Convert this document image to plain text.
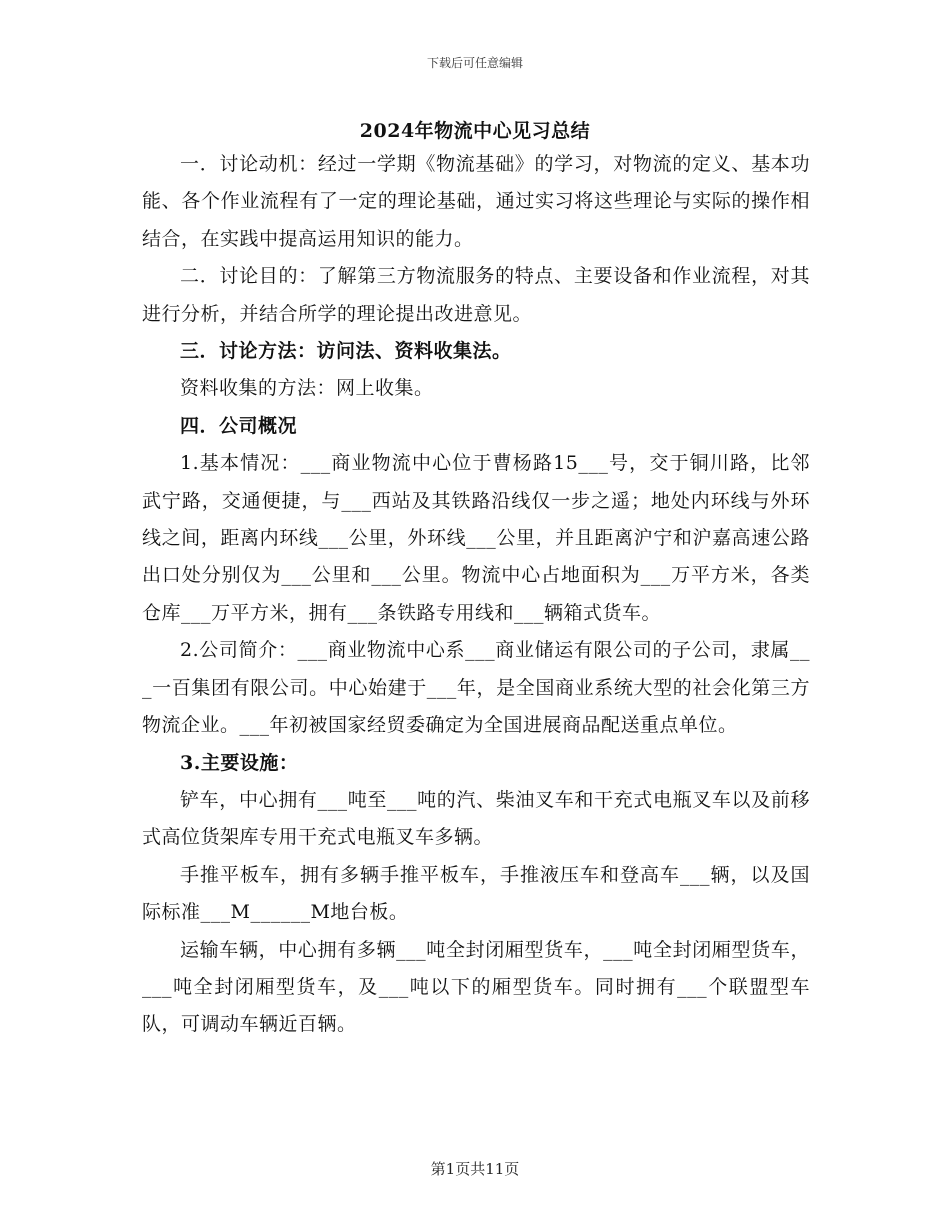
下载后可任意编辑
2024年物流中心见习总结

一．讨论动机：经过一学期《物流基础》的学习，对物流的定义、基本功能、各个作业流程有了一定的理论基础，通过实习将这些理论与实际的操作相结合，在实践中提高运用知识的能力。

二．讨论目的：了解第三方物流服务的特点、主要设备和作业流程，对其进行分析，并结合所学的理论提出改进意见。

三．讨论方法：访问法、资料收集法。

资料收集的方法：网上收集。

四．公司概况

1.基本情况：___商业物流中心位于曹杨路15___号，交于铜川路，比邻武宁路，交通便捷，与___西站及其铁路沿线仅一步之遥；地处内环线与外环线之间，距离内环线___公里，外环线___公里，并且距离沪宁和沪嘉高速公路出口处分别仅为___公里和___公里。物流中心占地面积为___万平方米，各类仓库___万平方米，拥有___条铁路专用线和___辆箱式货车。

2.公司简介：___商业物流中心系___商业储运有限公司的子公司，隶属___一百集团有限公司。中心始建于___年，是全国商业系统大型的社会化第三方物流企业。___年初被国家经贸委确定为全国进展商品配送重点单位。

3.主要设施：

铲车，中心拥有___吨至___吨的汽、柴油叉车和干充式电瓶叉车以及前移式高位货架库专用干充式电瓶叉车多辆。

手推平板车，拥有多辆手推平板车，手推液压车和登高车___辆，以及国际标准___M______M地台板。

运输车辆，中心拥有多辆___吨全封闭厢型货车，___吨全封闭厢型货车，___吨全封闭厢型货车，及___吨以下的厢型货车。同时拥有___个联盟型车队，可调动车辆近百辆。

第1页共11页
